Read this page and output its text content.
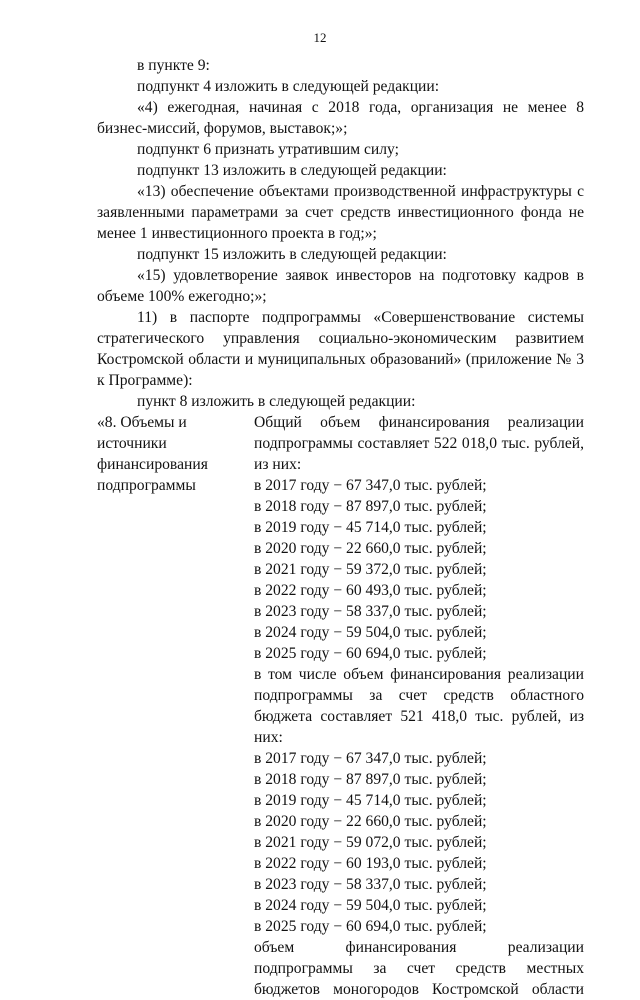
12

в пункте 9:

подпункт 4 изложить в следующей редакции:

«4) ежегодная, начиная с 2018 года, организация не менее 8 бизнес-миссий, форумов, выставок;»;

подпункт 6 признать утратившим силу;

подпункт 13 изложить в следующей редакции:

«13) обеспечение объектами производственной инфраструктуры с заявленными параметрами за счет средств инвестиционного фонда не менее 1 инвестиционного проекта в год;»;

подпункт 15 изложить в следующей редакции:

«15) удовлетворение заявок инвесторов на подготовку кадров в объеме 100% ежегодно;»;

11) в паспорте подпрограммы «Совершенствование системы стратегического управления социально-экономическим развитием Костромской области и муниципальных образований» (приложение № 3 к Программе):

пункт 8 изложить в следующей редакции:

«8. Объемы и
источники
финансирования
подпрограммы

Общий объем финансирования реализации подпрограммы составляет 522 018,0 тыс. рублей, из них:

в 2017 году − 67 347,0 тыс. рублей;
в 2018 году − 87 897,0 тыс. рублей;
в 2019 году − 45 714,0 тыс. рублей;
в 2020 году − 22 660,0 тыс. рублей;
в 2021 году − 59 372,0 тыс. рублей;
в 2022 году − 60 493,0 тыс. рублей;
в 2023 году − 58 337,0 тыс. рублей;
в 2024 году − 59 504,0 тыс. рублей;
в 2025 году − 60 694,0 тыс. рублей;

в том числе объем финансирования реализации подпрограммы за счет средств областного бюджета составляет 521 418,0 тыс. рублей, из них:

в 2017 году − 67 347,0 тыс. рублей;
в 2018 году − 87 897,0 тыс. рублей;
в 2019 году − 45 714,0 тыс. рублей;
в 2020 году − 22 660,0 тыс. рублей;
в 2021 году − 59 072,0 тыс. рублей;
в 2022 году − 60 193,0 тыс. рублей;
в 2023 году − 58 337,0 тыс. рублей;
в 2024 году − 59 504,0 тыс. рублей;
в 2025 году − 60 694,0 тыс. рублей;

объем финансирования реализации подпрограммы за счет средств местных бюджетов моногородов Костромской области
